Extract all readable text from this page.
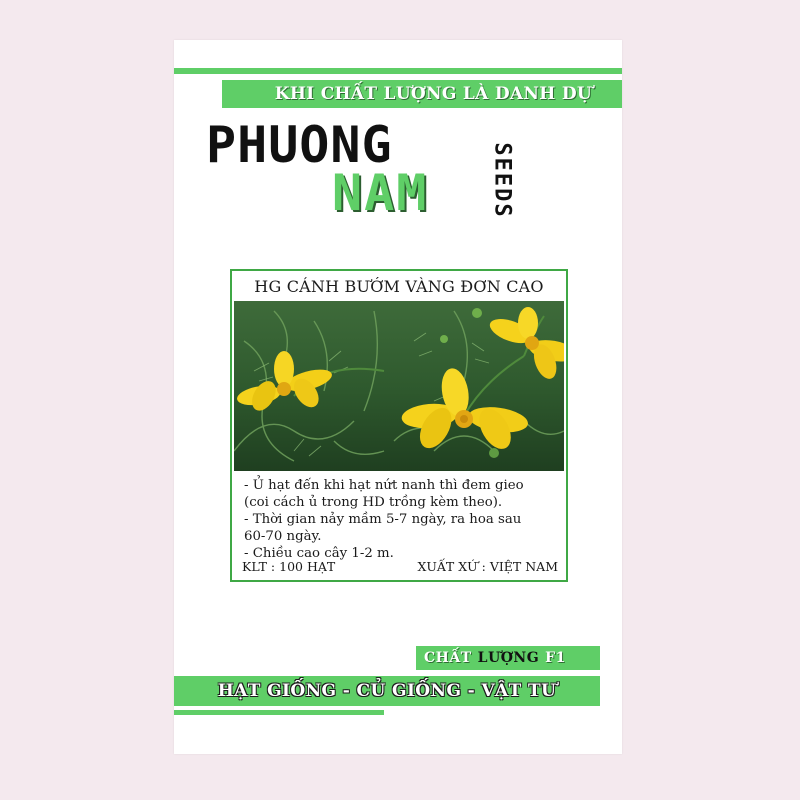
KHI CHẤT LƯỢNG LÀ DANH DỰ
PHUONG
NAM	SEEDS
HG CÁNH BƯỚM VÀNG ĐƠN CAO
- Ủ hạt đến khi hạt nứt nanh thì đem gieo
(coi cách ủ trong HD trồng kèm theo).
- Thời gian nảy mầm 5-7 ngày, ra hoa sau
60-70 ngày.
- Chiều cao cây 1-2 m.
KLT : 100 HẠT	XUẤT XỨ : VIỆT NAM
CHẤT LƯỢNG F1
HẠT GIỐNG - CỦ GIỐNG - VẬT TƯ
